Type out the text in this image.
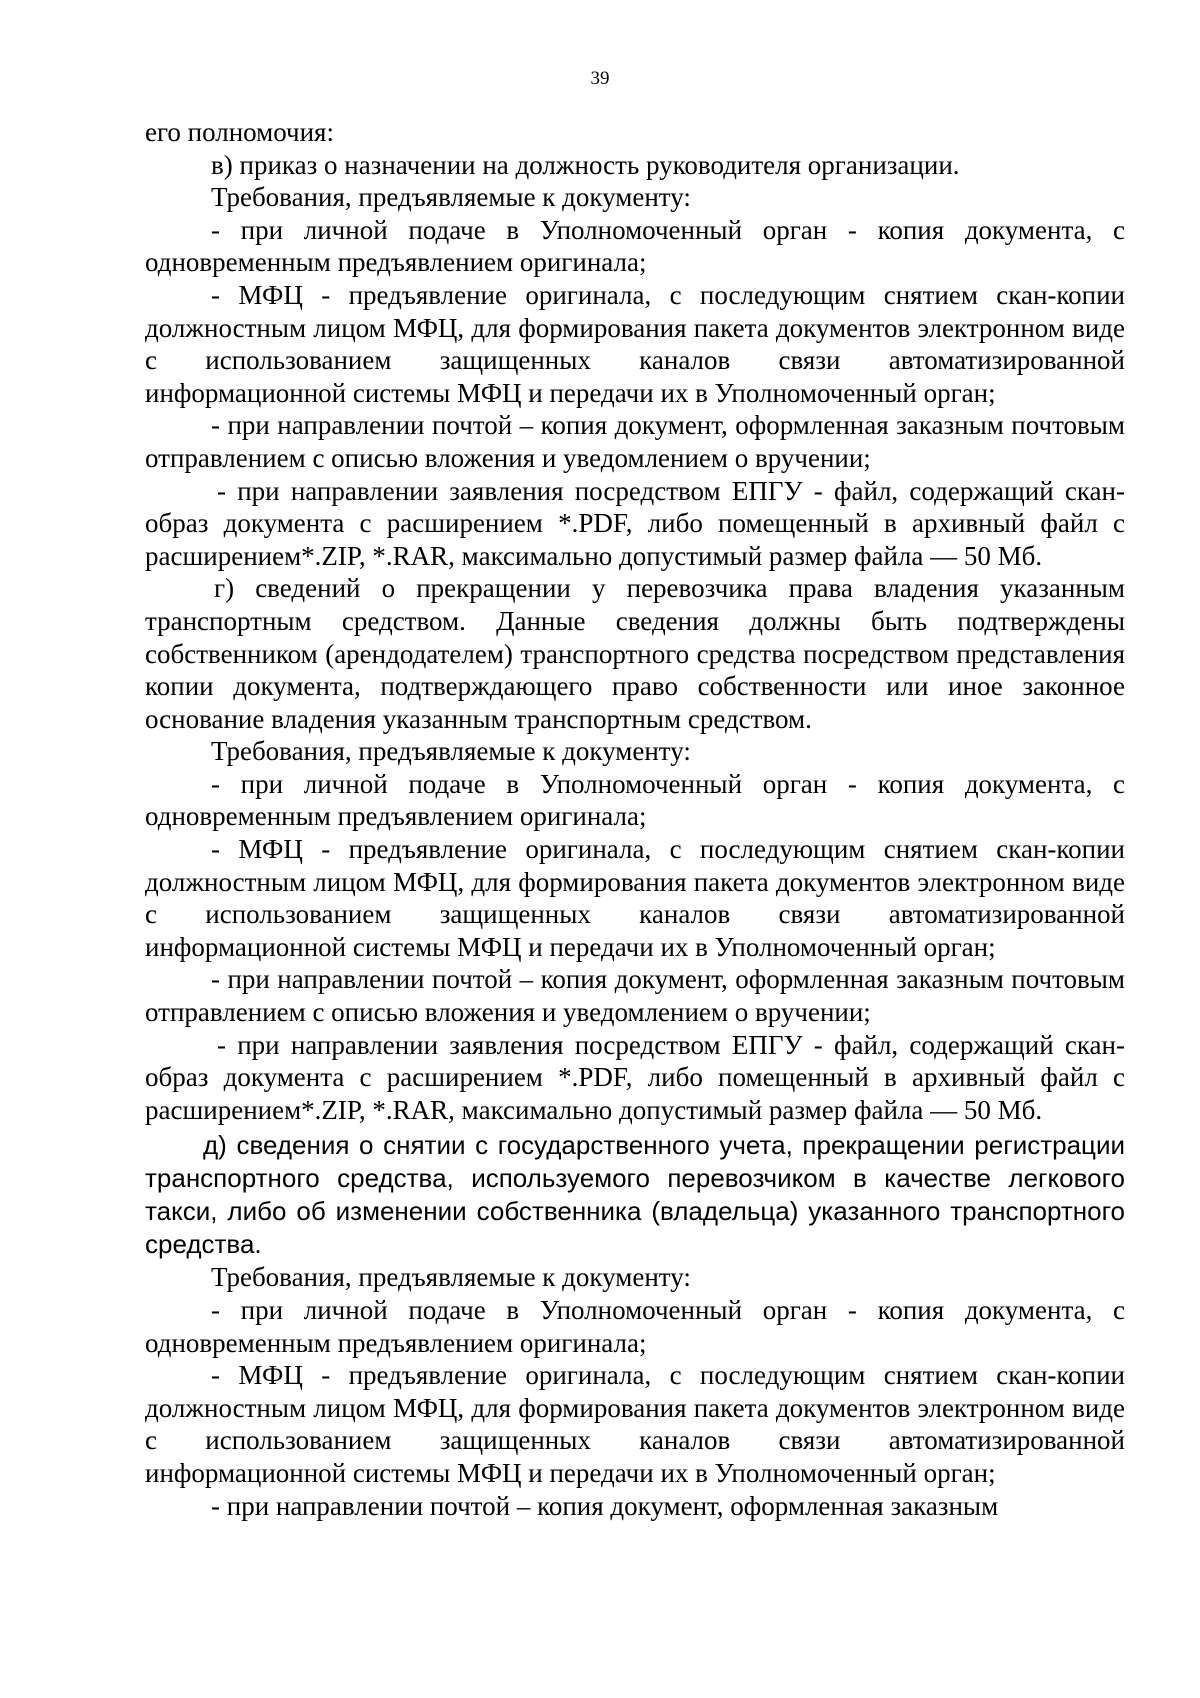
39

его полномочия:

в) приказ о назначении на должность руководителя организации.

Требования, предъявляемые к документу:

- при личной подаче в Уполномоченный орган - копия документа, с одновременным предъявлением оригинала;

- МФЦ - предъявление оригинала, с последующим снятием скан-копии должностным лицом МФЦ, для формирования пакета документов электронном виде с использованием защищенных каналов связи автоматизированной информационной системы МФЦ и передачи их в Уполномоченный орган;

- при направлении почтой – копия документ, оформленная заказным почтовым отправлением с описью вложения и уведомлением о вручении;

- при направлении заявления посредством ЕПГУ - файл, содержащий скан-образ документа с расширением *.PDF, либо помещенный в архивный файл с расширением*.ZIP, *.RAR, максимально допустимый размер файла — 50 Мб.

г) сведений о прекращении у перевозчика права владения указанным транспортным средством. Данные сведения должны быть подтверждены собственником (арендодателем) транспортного средства посредством представления копии документа, подтверждающего право собственности или иное законное основание владения указанным транспортным средством.

Требования, предъявляемые к документу:

- при личной подаче в Уполномоченный орган - копия документа, с одновременным предъявлением оригинала;

- МФЦ - предъявление оригинала, с последующим снятием скан-копии должностным лицом МФЦ, для формирования пакета документов электронном виде с использованием защищенных каналов связи автоматизированной информационной системы МФЦ и передачи их в Уполномоченный орган;

- при направлении почтой – копия документ, оформленная заказным почтовым отправлением с описью вложения и уведомлением о вручении;

- при направлении заявления посредством ЕПГУ - файл, содержащий скан-образ документа с расширением *.PDF, либо помещенный в архивный файл с расширением*.ZIP, *.RAR, максимально допустимый размер файла — 50 Мб.

д) сведения о снятии с государственного учета, прекращении регистрации транспортного средства, используемого перевозчиком в качестве легкового такси, либо об изменении собственника (владельца) указанного транспортного средства.

Требования, предъявляемые к документу:

- при личной подаче в Уполномоченный орган - копия документа, с одновременным предъявлением оригинала;

- МФЦ - предъявление оригинала, с последующим снятием скан-копии должностным лицом МФЦ, для формирования пакета документов электронном виде с использованием защищенных каналов связи автоматизированной информационной системы МФЦ и передачи их в Уполномоченный орган;

- при направлении почтой – копия документ, оформленная заказным
